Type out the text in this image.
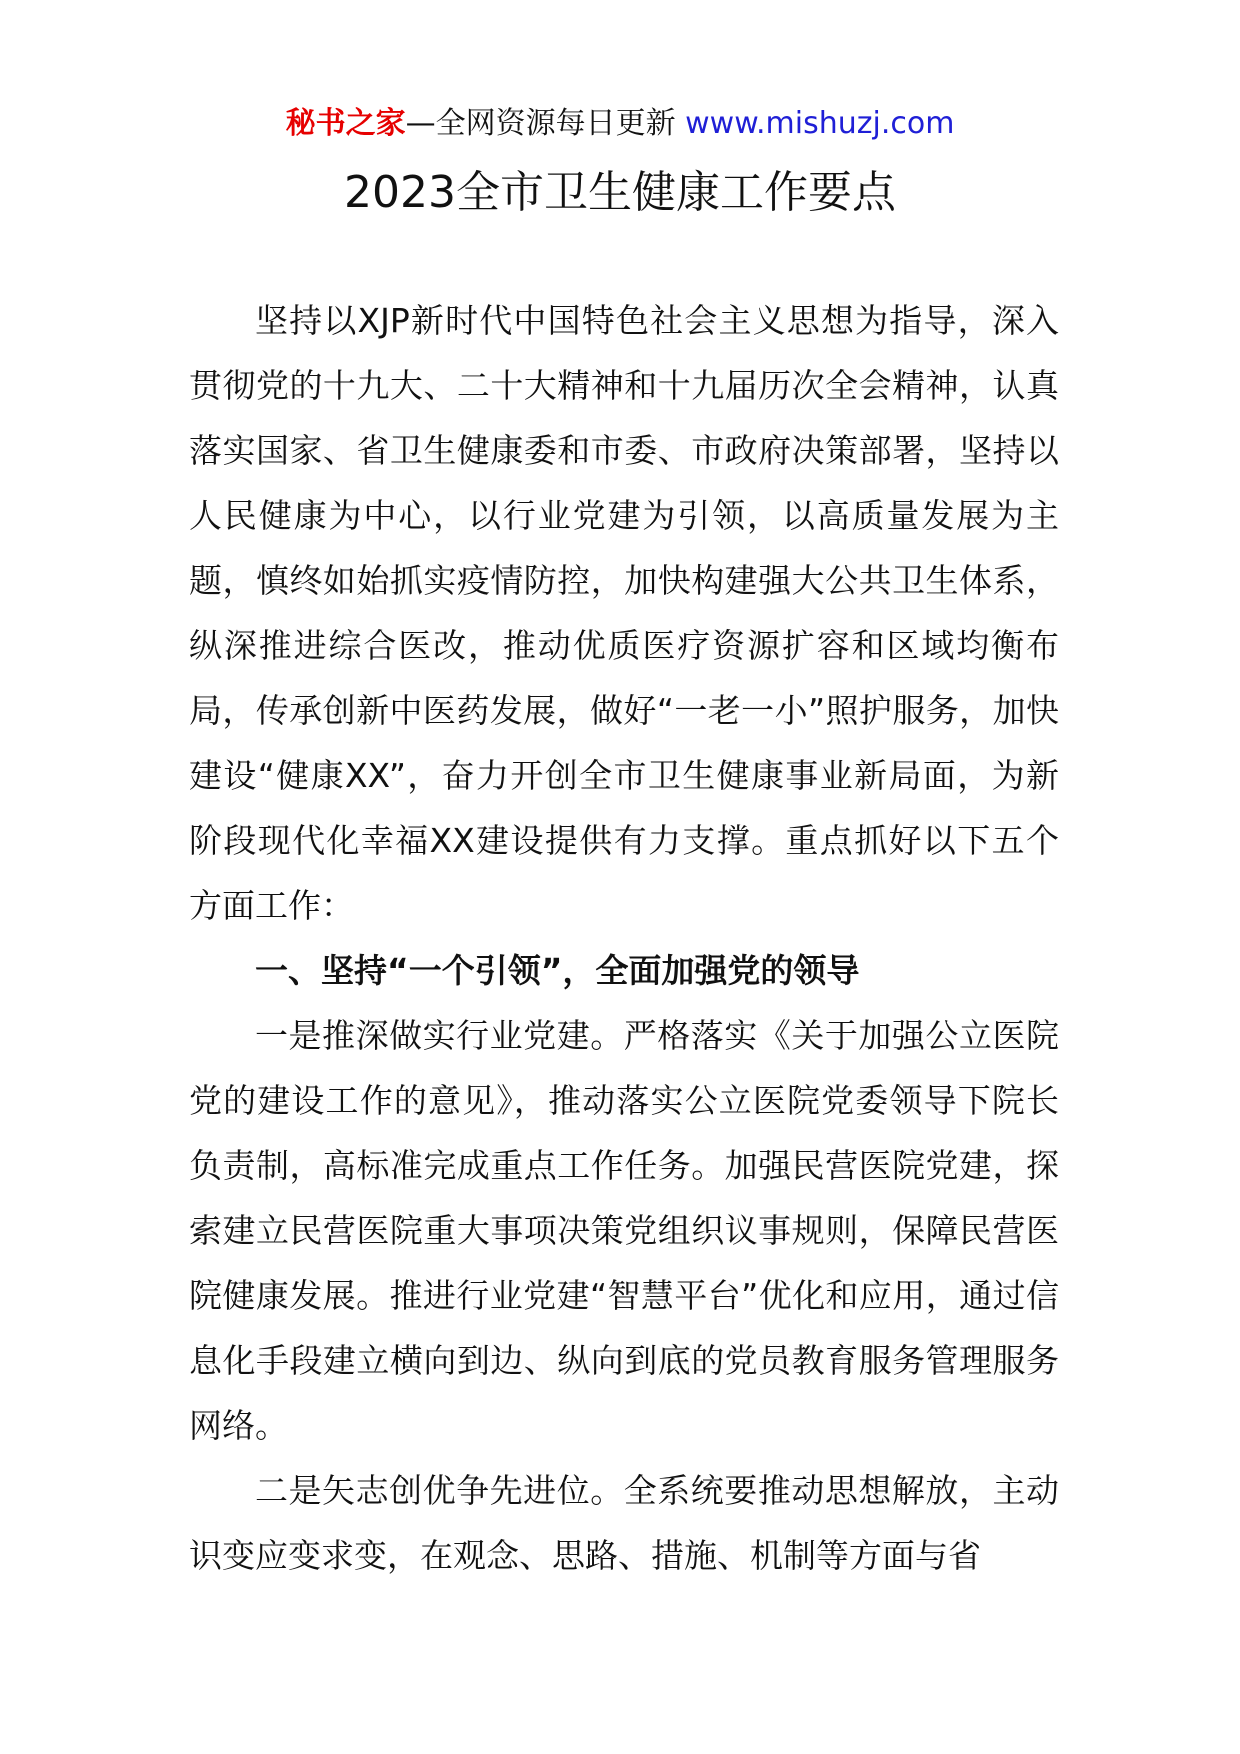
秘书之家—全网资源每日更新 www.mishuzj.com
2023全市卫生健康工作要点

坚持以XJP新时代中国特色社会主义思想为指导，深入贯彻党的十九大、二十大精神和十九届历次全会精神，认真落实国家、省卫生健康委和市委、市政府决策部署，坚持以人民健康为中心，以行业党建为引领，以高质量发展为主题，慎终如始抓实疫情防控，加快构建强大公共卫生体系，纵深推进综合医改，推动优质医疗资源扩容和区域均衡布局，传承创新中医药发展，做好“一老一小”照护服务，加快建设“健康XX”，奋力开创全市卫生健康事业新局面，为新阶段现代化幸福XX建设提供有力支撑。重点抓好以下五个方面工作：

一、坚持“一个引领”，全面加强党的领导

一是推深做实行业党建。严格落实《关于加强公立医院党的建设工作的意见》，推动落实公立医院党委领导下院长负责制，高标准完成重点工作任务。加强民营医院党建，探索建立民营医院重大事项决策党组织议事规则，保障民营医院健康发展。推进行业党建“智慧平台”优化和应用，通过信息化手段建立横向到边、纵向到底的党员教育服务管理服务网络。

二是矢志创优争先进位。全系统要推动思想解放，主动识变应变求变，在观念、思路、措施、机制等方面与省
